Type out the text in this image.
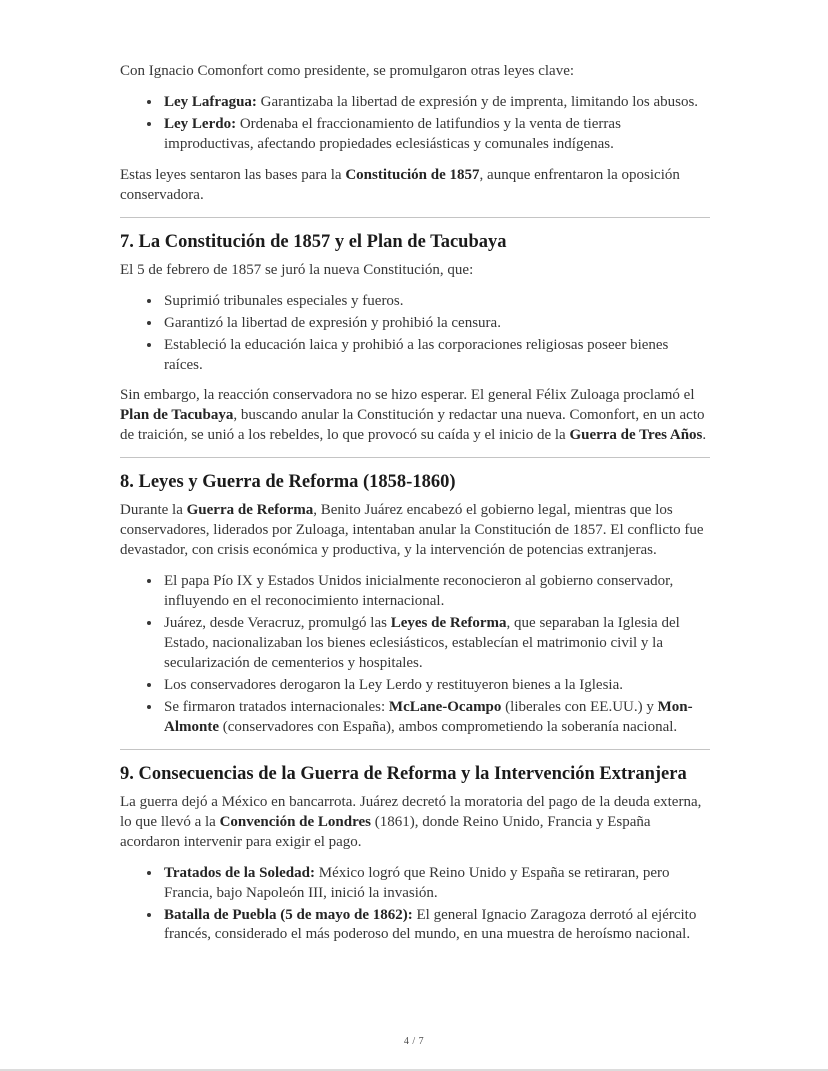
Con Ignacio Comonfort como presidente, se promulgaron otras leyes clave:

• Ley Lafragua: Garantizaba la libertad de expresión y de imprenta, limitando los abusos.
• Ley Lerdo: Ordenaba el fraccionamiento de latifundios y la venta de tierras improductivas, afectando propiedades eclesiásticas y comunales indígenas.

Estas leyes sentaron las bases para la Constitución de 1857, aunque enfrentaron la oposición conservadora.

7. La Constitución de 1857 y el Plan de Tacubaya

El 5 de febrero de 1857 se juró la nueva Constitución, que:

• Suprimió tribunales especiales y fueros.
• Garantizó la libertad de expresión y prohibió la censura.
• Estableció la educación laica y prohibió a las corporaciones religiosas poseer bienes raíces.

Sin embargo, la reacción conservadora no se hizo esperar. El general Félix Zuloaga proclamó el Plan de Tacubaya, buscando anular la Constitución y redactar una nueva. Comonfort, en un acto de traición, se unió a los rebeldes, lo que provocó su caída y el inicio de la Guerra de Tres Años.

8. Leyes y Guerra de Reforma (1858-1860)

Durante la Guerra de Reforma, Benito Juárez encabezó el gobierno legal, mientras que los conservadores, liderados por Zuloaga, intentaban anular la Constitución de 1857. El conflicto fue devastador, con crisis económica y productiva, y la intervención de potencias extranjeras.

• El papa Pío IX y Estados Unidos inicialmente reconocieron al gobierno conservador, influyendo en el reconocimiento internacional.
• Juárez, desde Veracruz, promulgó las Leyes de Reforma, que separaban la Iglesia del Estado, nacionalizaban los bienes eclesiásticos, establecían el matrimonio civil y la secularización de cementerios y hospitales.
• Los conservadores derogaron la Ley Lerdo y restituyeron bienes a la Iglesia.
• Se firmaron tratados internacionales: McLane-Ocampo (liberales con EE.UU.) y Mon-Almonte (conservadores con España), ambos comprometiendo la soberanía nacional.
9. Consecuencias de la Guerra de Reforma y la Intervención Extranjera

La guerra dejó a México en bancarrota. Juárez decretó la moratoria del pago de la deuda externa, lo que llevó a la Convención de Londres (1861), donde Reino Unido, Francia y España acordaron intervenir para exigir el pago.

• Tratados de la Soledad: México logró que Reino Unido y España se retiraran, pero Francia, bajo Napoleón III, inició la invasión.
• Batalla de Puebla (5 de mayo de 1862): El general Ignacio Zaragoza derrotó al ejército francés, considerado el más poderoso del mundo, en una muestra de heroísmo nacional.
4 / 7
